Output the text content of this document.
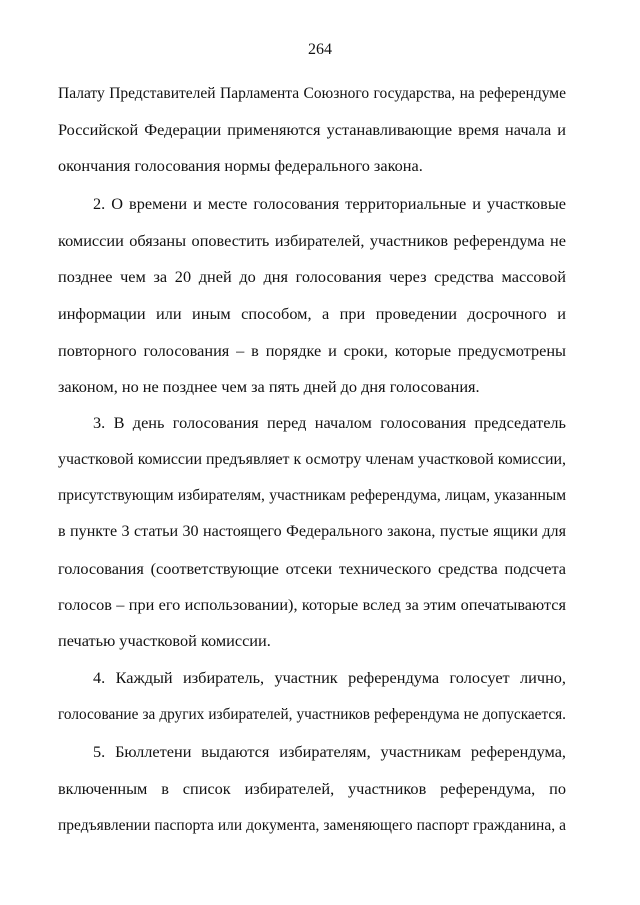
264
Палату Представителей Парламента Союзного государства, на референдуме
Российской Федерации применяются устанавливающие время начала и
окончания голосования нормы федерального закона.
2. О времени и месте голосования территориальные и участковые
комиссии обязаны оповестить избирателей, участников референдума не
позднее чем за 20 дней до дня голосования через средства массовой
информации или иным способом, а при проведении досрочного и
повторного голосования – в порядке и сроки, которые предусмотрены
законом, но не позднее чем за пять дней до дня голосования.
3. В день голосования перед началом голосования председатель
участковой комиссии предъявляет к осмотру членам участковой комиссии,
присутствующим избирателям, участникам референдума, лицам, указанным
в пункте 3 статьи 30 настоящего Федерального закона, пустые ящики для
голосования (соответствующие отсеки технического средства подсчета
голосов – при его использовании), которые вслед за этим опечатываются
печатью участковой комиссии.
4. Каждый избиратель, участник референдума голосует лично,
голосование за других избирателей, участников референдума не допускается.
5. Бюллетени выдаются избирателям, участникам референдума,
включенным в список избирателей, участников референдума, по
предъявлении паспорта или документа, заменяющего паспорт гражданина, а
